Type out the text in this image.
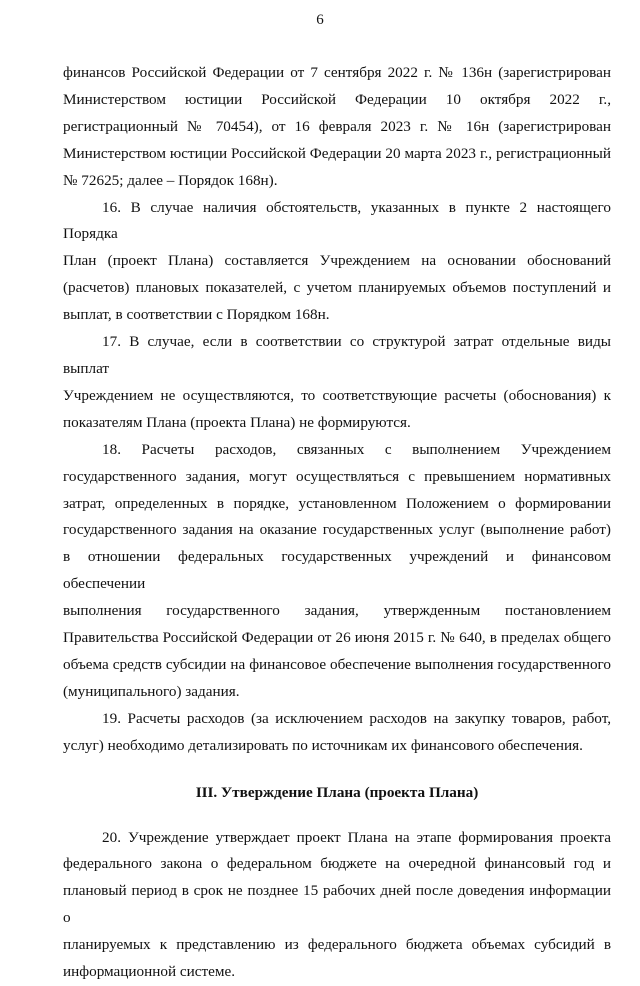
6
финансов Российской Федерации от 7 сентября 2022 г. № 136н (зарегистрирован
Министерством юстиции Российской Федерации 10 октября 2022 г.,
регистрационный № 70454), от 16 февраля 2023 г. № 16н (зарегистрирован
Министерством юстиции Российской Федерации 20 марта 2023 г., регистрационный
№ 72625; далее – Порядок 168н).
16. В случае наличия обстоятельств, указанных в пункте 2 настоящего Порядка
План (проект Плана) составляется Учреждением на основании обоснований
(расчетов) плановых показателей, с учетом планируемых объемов поступлений и
выплат, в соответствии с Порядком 168н.
17. В случае, если в соответствии со структурой затрат отдельные виды выплат
Учреждением не осуществляются, то соответствующие расчеты (обоснования) к
показателям Плана (проекта Плана) не формируются.
18. Расчеты расходов, связанных с выполнением Учреждением
государственного задания, могут осуществляться с превышением нормативных
затрат, определенных в порядке, установленном Положением о формировании
государственного задания на оказание государственных услуг (выполнение работ)
в отношении федеральных государственных учреждений и финансовом обеспечении
выполнения государственного задания, утвержденным постановлением
Правительства Российской Федерации от 26 июня 2015 г. № 640, в пределах общего
объема средств субсидии на финансовое обеспечение выполнения государственного
(муниципального) задания.
19. Расчеты расходов (за исключением расходов на закупку товаров, работ,
услуг) необходимо детализировать по источникам их финансового обеспечения.
III. Утверждение Плана (проекта Плана)
20. Учреждение утверждает проект Плана на этапе формирования проекта
федерального закона о федеральном бюджете на очередной финансовый год и
плановый период в срок не позднее 15 рабочих дней после доведения информации о
планируемых к представлению из федерального бюджета объемах субсидий в
информационной системе.
